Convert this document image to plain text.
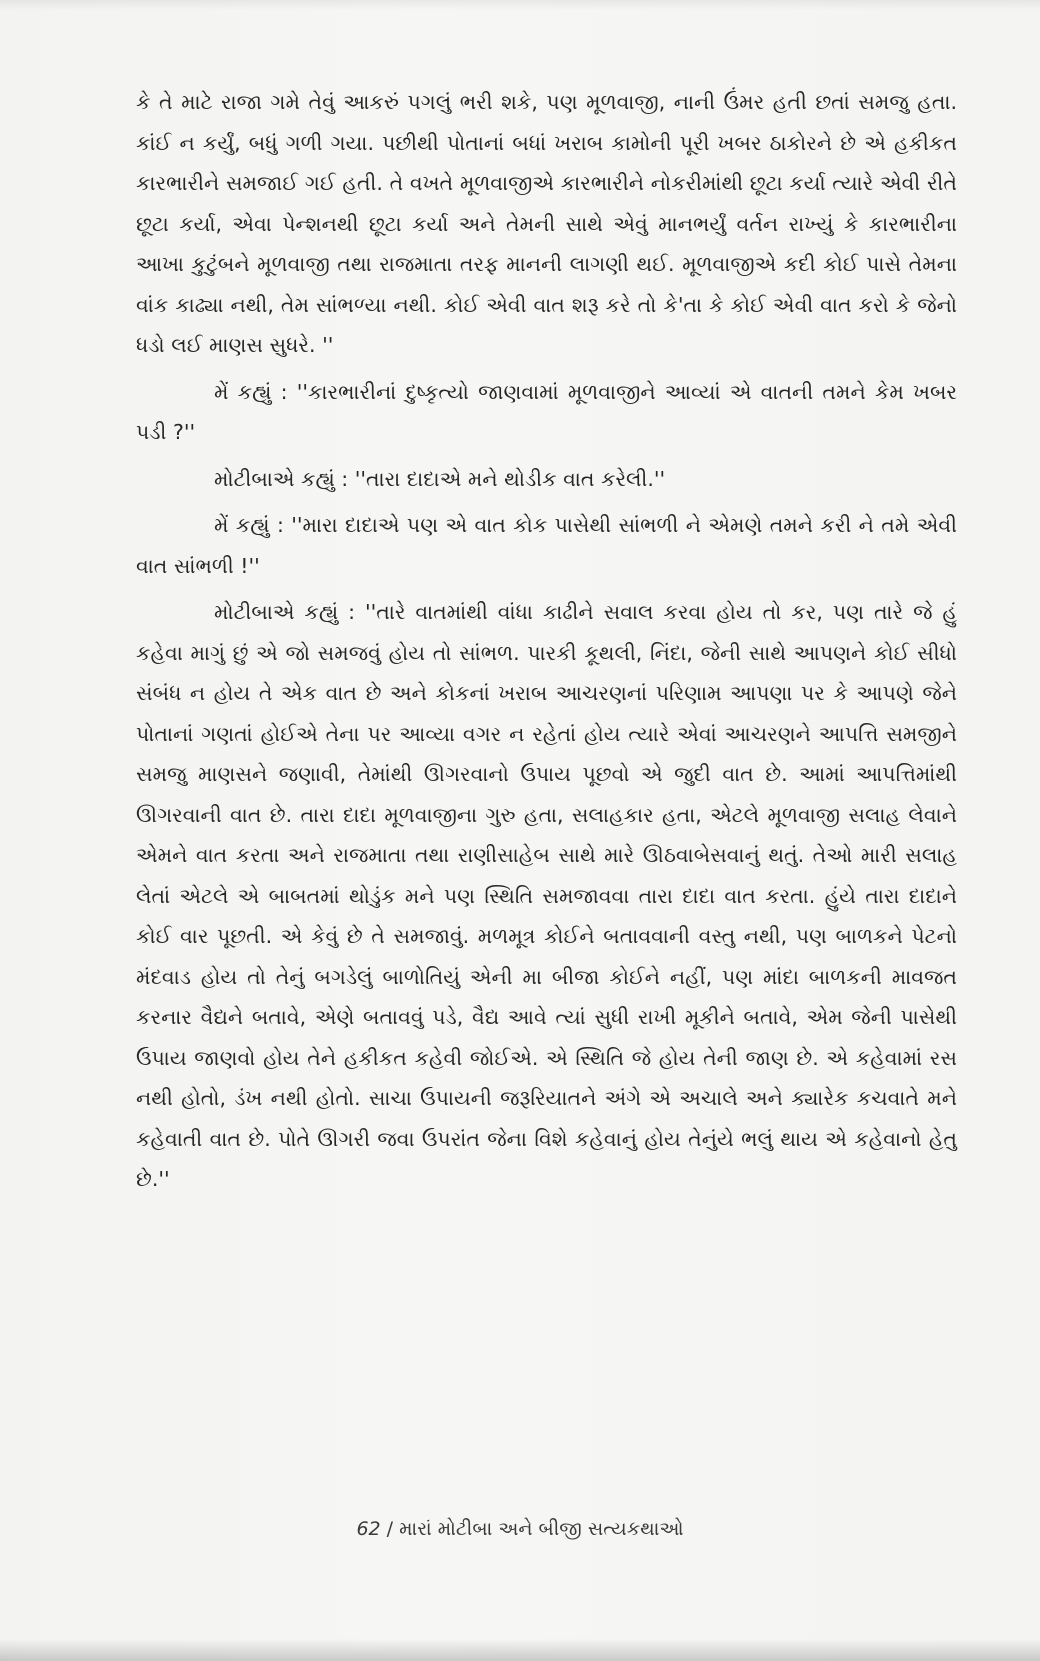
કે તે માટે રાજા ગમે તેવું આકરું પગલું ભરી શકે, પણ મૂળવાજી, નાની ઉંમર હતી છતાં સમજુ હતા. કાંઈ ન કર્યું, બધું ગળી ગયા. પછીથી પોતાનાં બધાં ખરાબ કામોની પૂરી ખબર ઠાકોરને છે એ હકીકત કારભારીને સમજાઈ ગઈ હતી. તે વખતે મૂળવાજીએ કારભારીને નોકરીમાંથી છૂટા કર્યા ત્યારે એવી રીતે છૂટા કર્યા, એવા પેન્શનથી છૂટા કર્યા અને તેમની સાથે એવું માનભર્યું વર્તન રાખ્યું કે કારભારીના આખા કુટુંબને મૂળવાજી તથા રાજમાતા તરફ માનની લાગણી થઈ. મૂળવાજીએ કદી કોઈ પાસે તેમના વાંક કાઢ્યા નથી, તેમ સાંભળ્યા નથી. કોઈ એવી વાત શરૂ કરે તો કે'તા કે કોઈ એવી વાત કરો કે જેનો ધડો લઈ માણસ સુધરે. ''

મેં કહ્યું : ''કારભારીનાં દુષ્કૃત્યો જાણવામાં મૂળવાજીને આવ્યાં એ વાતની તમને કેમ ખબર પડી ?''

મોટીબાએ કહ્યું : ''તારા દાદાએ મને થોડીક વાત કરેલી.''

મેં કહ્યું : ''મારા દાદાએ પણ એ વાત કોક પાસેથી સાંભળી ને એમણે તમને કરી ને તમે એવી વાત સાંભળી !''

મોટીબાએ કહ્યું : ''તારે વાતમાંથી વાંધા કાઢીને સવાલ કરવા હોય તો કર, પણ તારે જે હું કહેવા માગું છું એ જો સમજવું હોય તો સાંભળ. પારકી કૂથલી, નિંદા, જેની સાથે આપણને કોઈ સીધો સંબંધ ન હોય તે એક વાત છે અને કોકનાં ખરાબ આચરણનાં પરિણામ આપણા પર કે આપણે જેને પોતાનાં ગણતાં હોઈએ તેના પર આવ્યા વગર ન રહેતાં હોય ત્યારે એવાં આચરણને આપત્તિ સમજીને સમજુ માણસને જણાવી, તેમાંથી ઊગરવાનો ઉપાય પૂછવો એ જુદી વાત છે. આમાં આપત્તિમાંથી ઊગરવાની વાત છે. તારા દાદા મૂળવાજીના ગુરુ હતા, સલાહકાર હતા, એટલે મૂળવાજી સલાહ લેવાને એમને વાત કરતા અને રાજમાતા તથા રાણીસાહેબ સાથે મારે ઊઠવાબેસવાનું થતું. તેઓ મારી સલાહ લેતાં એટલે એ બાબતમાં થોડુંક મને પણ સ્થિતિ સમજાવવા તારા દાદા વાત કરતા. હુંયે તારા દાદાને કોઈ વાર પૂછતી. એ કેવું છે તે સમજાવું. મળમૂત્ર કોઈને બતાવવાની વસ્તુ નથી, પણ બાળકને પેટનો મંદવાડ હોય તો તેનું બગડેલું બાળોતિયું એની મા બીજા કોઈને નહીં, પણ માંદા બાળકની માવજત કરનાર વૈદ્યને બતાવે, એણે બતાવવું પડે, વૈદ્ય આવે ત્યાં સુધી રાખી મૂકીને બતાવે, એમ જેની પાસેથી ઉપાય જાણવો હોય તેને હકીકત કહેવી જોઈએ. એ સ્થિતિ જે હોય તેની જાણ છે. એ કહેવામાં રસ નથી હોતો, ડંખ નથી હોતો. સાચા ઉપાયની જરૂરિયાતને અંગે એ અચાલે અને ક્યારેક કચવાતે મને કહેવાતી વાત છે. પોતે ઊગરી જવા ઉપરાંત જેના વિશે કહેવાનું હોય તેનુંયે ભલું થાય એ કહેવાનો હેતુ છે.''

62 / મારાં મોટીબા અને બીજી સત્યકથાઓ
